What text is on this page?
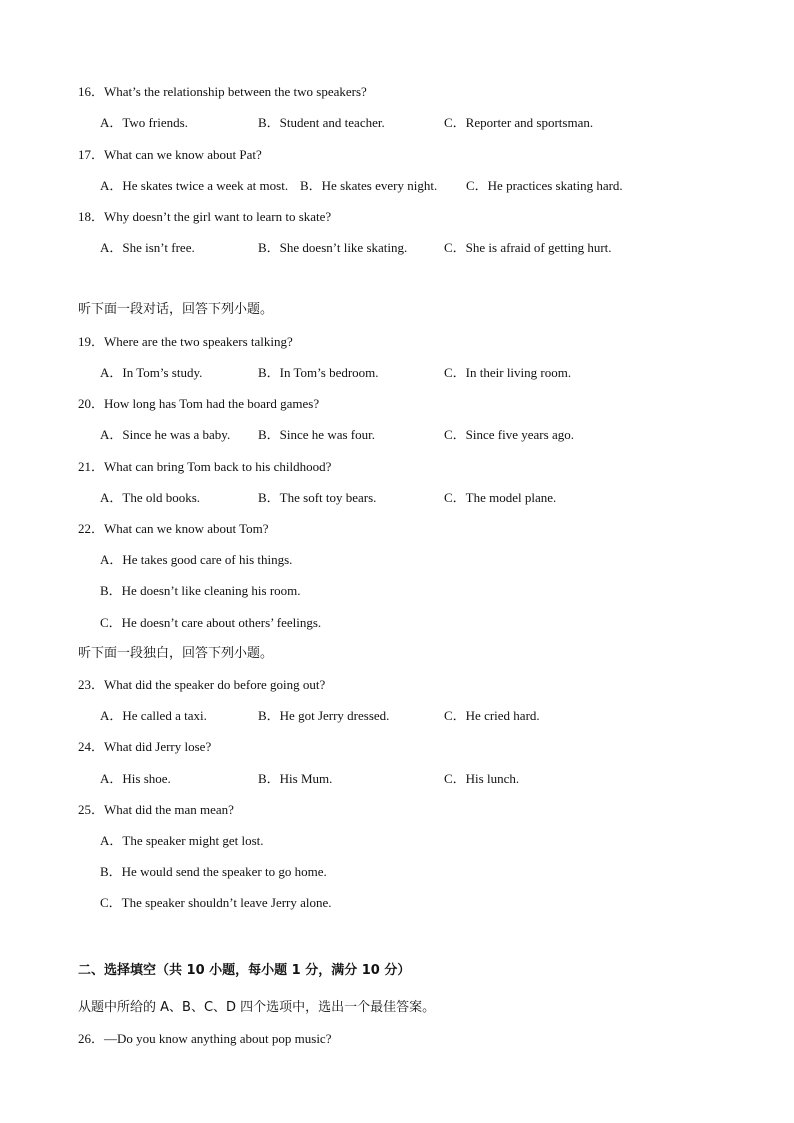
16．What’s the relationship between the two speakers?
A．Two friends.	B．Student and teacher.	C．Reporter and sportsman.
17．What can we know about Pat?
A．He skates twice a week at most. B．He skates every night. C．He practices skating hard.
18．Why doesn’t the girl want to learn to skate?
A．She isn’t free.	B．She doesn’t like skating.	C．She is afraid of getting hurt.
听下面一段对话，回答下列小题。
19．Where are the two speakers talking?
A．In Tom’s study.	B．In Tom’s bedroom.	C．In their living room.
20．How long has Tom had the board games?
A．Since he was a baby. B．Since he was four.	C．Since five years ago.
21．What can bring Tom back to his childhood?
A．The old books.	B．The soft toy bears.	C．The model plane.
22．What can we know about Tom?
A．He takes good care of his things.
B．He doesn’t like cleaning his room.
C．He doesn’t care about others’ feelings.
听下面一段独白，回答下列小题。
23．What did the speaker do before going out?
A．He called a taxi.	B．He got Jerry dressed.	C．He cried hard.
24．What did Jerry lose?
A．His shoe.	B．His Mum.	C．His lunch.
25．What did the man mean?
A．The speaker might get lost.
B．He would send the speaker to go home.
C．The speaker shouldn’t leave Jerry alone.
二、选择填空（共 10 小题，每小题 1 分，满分 10 分）
从题中所给的 A、B、C、D 四个选项中，选出一个最佳答案。
26．—Do you know anything about pop music?
